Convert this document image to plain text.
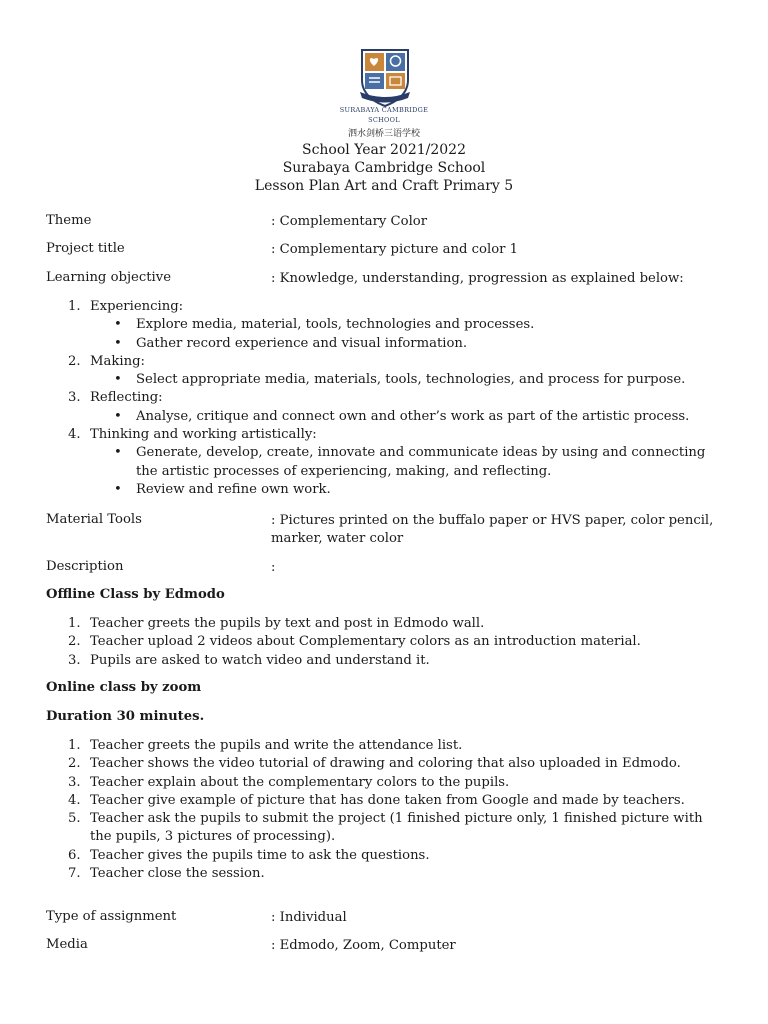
SURABAYA CAMBRIDGE
SCHOOL
泗水剑桥三语学校
School Year 2021/2022
Surabaya Cambridge School
Lesson Plan Art and Craft Primary 5
Theme	: Complementary Color
Project title	: Complementary picture and color 1
Learning objective	: Knowledge, understanding, progression as explained below:
1. Experiencing:
• Explore media, material, tools, technologies and processes.
• Gather record experience and visual information.
2. Making:
• Select appropriate media, materials, tools, technologies, and process for purpose.
3. Reflecting:
• Analyse, critique and connect own and other’s work as part of the artistic process.
4. Thinking and working artistically:
• Generate, develop, create, innovate and communicate ideas by using and connecting the artistic processes of experiencing, making, and reflecting.
• Review and refine own work.
Material Tools	: Pictures printed on the buffalo paper or HVS paper, color pencil, marker, water color
Description	:
Offline Class by Edmodo
1. Teacher greets the pupils by text and post in Edmodo wall.
2. Teacher upload 2 videos about Complementary colors as an introduction material.
3. Pupils are asked to watch video and understand it.
Online class by zoom
Duration 30 minutes.
1. Teacher greets the pupils and write the attendance list.
2. Teacher shows the video tutorial of drawing and coloring that also uploaded in Edmodo.
3. Teacher explain about the complementary colors to the pupils.
4. Teacher give example of picture that has done taken from Google and made by teachers.
5. Teacher ask the pupils to submit the project (1 finished picture only, 1 finished picture with the pupils, 3 pictures of processing).
6. Teacher gives the pupils time to ask the questions.
7. Teacher close the session.
Type of assignment	: Individual
Media	: Edmodo, Zoom, Computer
